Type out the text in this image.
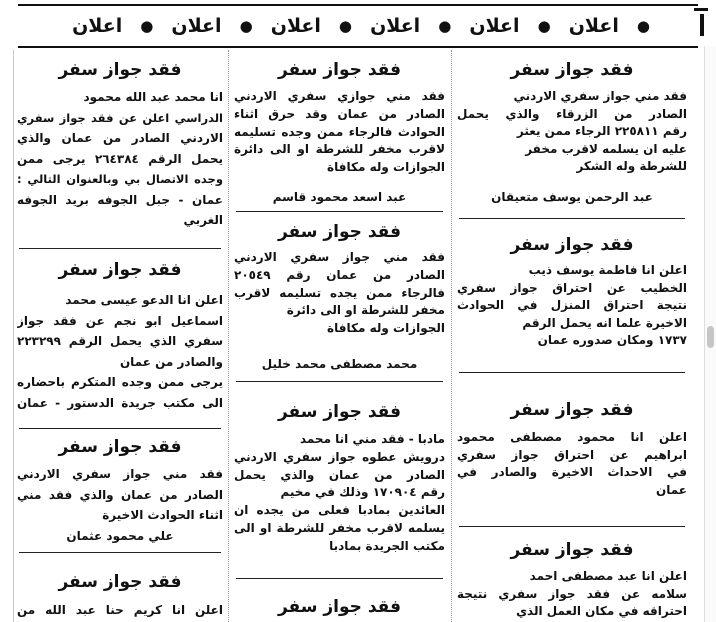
●
اعلان
●
اعلان
●
اعلان
●
اعلان
●
اعلان
●
اعلان
فقد جواز سفر
فقد مني جواز سفري الاردني
الصادر من الزرقاء والذي يحمل
رقم ٢٢٥٨١١ الرجاء ممن يعثر
عليه ان يسلمه لاقرب مخفر
للشرطة وله الشكر
عبد الرحمن يوسف متعيقان
فقد جواز سفر
اعلن انا فاطمة يوسف ذيب
الخطيب عن احتراق جواز سفري
نتيجة احتراق المنزل في الحوادث
الاخيرة علما انه يحمل الرقم
١٧٣٧ ومكان صدوره عمان
فقد جواز سفر
اعلن انا محمود مصطفى محمود
ابراهيم عن احتراق جواز سفري
في الاحداث الاخيرة والصادر في
عمان
فقد جواز سفر
اعلن انا عبد مصطفى احمد
سلامه عن فقد جواز سفري نتيجة
احتراقه في مكان العمل الذي
فقد جواز سفر
فقد مني جوازي سفري الاردني
الصادر من عمان وقد حرق اثناء
الحوادث فالرجاء ممن وجده تسليمه
لاقرب مخفر للشرطة او الى دائرة
الجوازات وله مكافاة
عبد اسعد محمود قاسم
فقد جواز سفر
فقد مني جواز سفري الاردني
الصادر من عمان رقم ٢٠٥٤٩
فالرجاء ممن يجده تسليمه لاقرب
مخفر للشرطة او الى دائرة
الجوازات وله مكافاة
محمد مصطفى محمد خليل
فقد جواز سفر
مادبا - فقد مني انا محمد
درويش عطوه جواز سفري الاردني
الصادر من عمان والذي يحمل
رقم ١٧٠٩٠٤ وذلك في مخيم
العائدين بمادبا فعلى من يجده ان
يسلمه لاقرب مخفر للشرطة او الى
مكتب الجريدة بمادبا
فقد جواز سفر
فقد جواز سفر
انا محمد عبد الله محمود
الدراسي اعلن عن فقد جواز سفري
الاردني الصادر من عمان والذي
يحمل الرقم ٢٦٤٣٨٤ يرجى ممن
وجده الاتصال بي وبالعنوان التالي :
عمان - جبل الجوفه بريد الجوفه
الغربي
فقد جواز سفر
اعلن انا الدعو عيسى محمد
اسماعيل ابو نجم عن فقد جواز
سفري الذي يحمل الرقم ٢٢٣٢٩٩
والصادر من عمان
يرجى ممن وجده المتكرم باحضاره
الى مكتب جريدة الدستور - عمان
فقد جواز سفر
فقد مني جواز سفري الاردني
الصادر من عمان والذي فقد مني
اثناء الحوادث الاخيرة
علي محمود عثمان
فقد جواز سفر
اعلن انا كريم حنا عبد الله من
